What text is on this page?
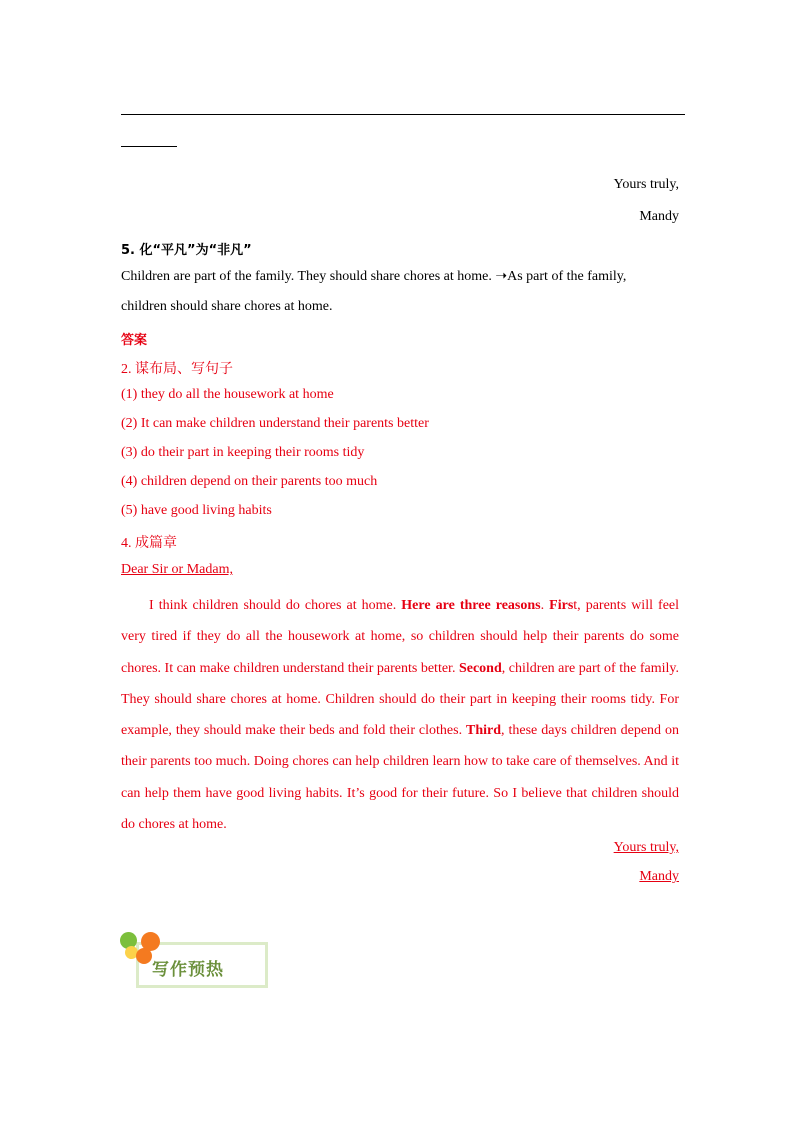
Yours truly,
Mandy
5. 化“平凡”为“非凡”
Children are part of the family. They should share chores at home. ➝As part of the family,
children should share chores at home.
答案
2. 谋布局、写句子
(1) they do all the housework at home
(2) It can make children understand their parents better
(3) do their part in keeping their rooms tidy
(4) children depend on their parents too much
(5) have good living habits
4. 成篇章
Dear Sir or Madam,
I think children should do chores at home. Here are three reasons. First, parents will feel very tired if they do all the housework at home, so children should help their parents do some chores. It can make children understand their parents better. Second, children are part of the family. They should share chores at home. Children should do their part in keeping their rooms tidy. For example, they should make their beds and fold their clothes. Third, these days children depend on their parents too much. Doing chores can help children learn how to take care of themselves. And it can help them have good living habits. It’s good for their future. So I believe that children should do chores at home.
Yours truly,
Mandy
写作预热
